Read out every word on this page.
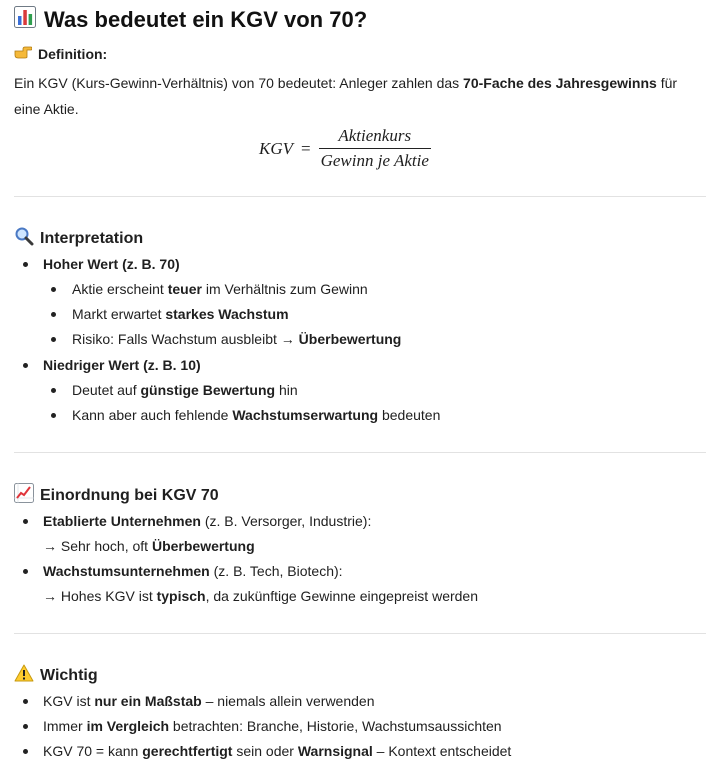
Was bedeutet ein KGV von 70?
Definition:
Ein KGV (Kurs-Gewinn-Verhältnis) von 70 bedeutet: Anleger zahlen das 70-Fache des Jahresgewinns für eine Aktie.
KGV = $\frac{\text{Aktienkurs}}{\text{Gewinn je Aktie}}$
Interpretation
Hoher Wert (z. B. 70)
Aktie erscheint teuer im Verhältnis zum Gewinn
Markt erwartet starkes Wachstum
Risiko: Falls Wachstum ausbleibt → Überbewertung
Niedriger Wert (z. B. 10)
Deutet auf günstige Bewertung hin
Kann aber auch fehlende Wachstumserwartung bedeuten
Einordnung bei KGV 70
Etablierte Unternehmen (z. B. Versorger, Industrie):
→ Sehr hoch, oft Überbewertung
Wachstumsunternehmen (z. B. Tech, Biotech):
→ Hohes KGV ist typisch, da zukünftige Gewinne eingepreist werden
Wichtig
KGV ist nur ein Maßstab – niemals allein verwenden
Immer im Vergleich betrachten: Branche, Historie, Wachstumsaussichten
KGV 70 = kann gerechtfertigt sein oder Warnsignal – Kontext entscheidet
